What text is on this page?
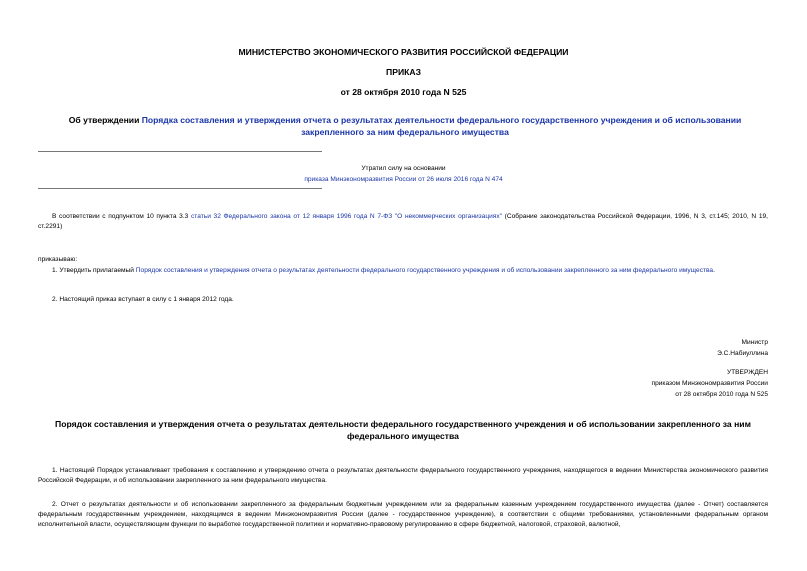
МИНИСТЕРСТВО ЭКОНОМИЧЕСКОГО РАЗВИТИЯ РОССИЙСКОЙ ФЕДЕРАЦИИ
ПРИКАЗ
от 28 октября 2010 года N 525
Об утверждении Порядка составления и утверждения отчета о результатах деятельности федерального государственного учреждения и об использовании закрепленного за ним федерального имущества
Утратил силу на основании
приказа Минэкономразвития России от 26 июля 2016 года N 474
В соответствии с подпунктом 10 пункта 3.3 статьи 32 Федерального закона от 12 января 1996 года N 7-ФЗ "О некоммерческих организациях" (Собрание законодательства Российской Федерации, 1996, N 3, ст.145; 2010, N 19, ст.2291)
приказываю:
1. Утвердить прилагаемый Порядок составления и утверждения отчета о результатах деятельности федерального государственного учреждения и об использовании закрепленного за ним федерального имущества.
2. Настоящий приказ вступает в силу с 1 января 2012 года.
Министр
Э.С.Набиуллина
УТВЕРЖДЕН
приказом Минэкономразвития России
от 28 октября 2010 года N 525
Порядок составления и утверждения отчета о результатах деятельности федерального государственного учреждения и об использовании закрепленного за ним федерального имущества
1. Настоящий Порядок устанавливает требования к составлению и утверждению отчета о результатах деятельности федерального государственного учреждения, находящегося в ведении Министерства экономического развития Российской Федерации, и об использовании закрепленного за ним федерального имущества.
2. Отчет о результатах деятельности и об использовании закрепленного за федеральным бюджетным учреждением или за федеральным казенным учреждением государственного имущества (далее - Отчет) составляется федеральным государственным учреждением, находящимся в ведении Минэкономразвития России (далее - государственное учреждение), в соответствии с общими требованиями, установленными федеральным органом исполнительной власти, осуществляющим функции по выработке государственной политики и нормативно-правовому регулированию в сфере бюджетной, налоговой, страховой, валютной,
